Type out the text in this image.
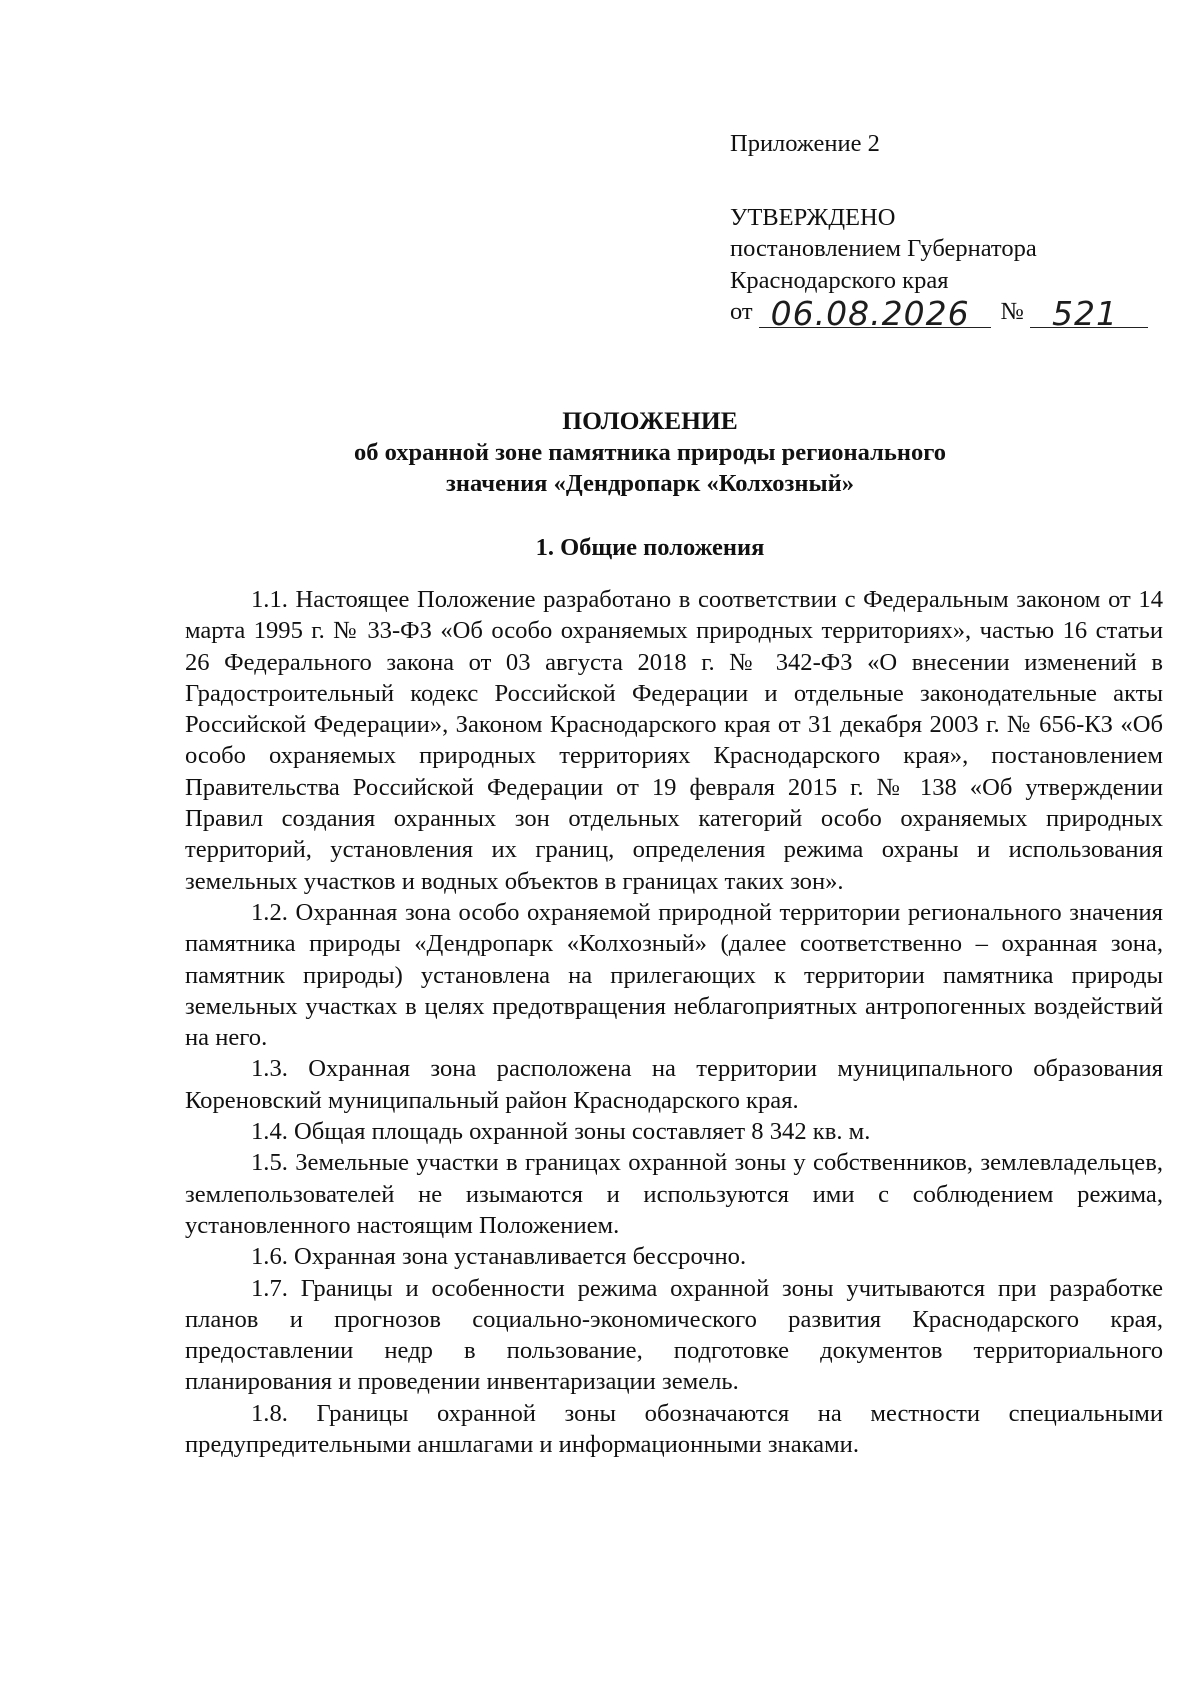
Приложение 2
УТВЕРЖДЕНО
постановлением Губернатора
Краснодарского края
от 06.08.2026 № 521
ПОЛОЖЕНИЕ
об охранной зоне памятника природы регионального
значения «Дендропарк «Колхозный»
1. Общие положения

1.1. Настоящее Положение разработано в соответствии с Федеральным законом от 14 марта 1995 г. № 33-ФЗ «Об особо охраняемых природных территориях», частью 16 статьи 26 Федерального закона от 03 августа 2018 г. № 342-ФЗ «О внесении изменений в Градостроительный кодекс Российской Федерации и отдельные законодательные акты Российской Федерации», Законом Краснодарского края от 31 декабря 2003 г. № 656-КЗ «Об особо охраняемых природных территориях Краснодарского края», постановлением Правительства Российской Федерации от 19 февраля 2015 г. № 138 «Об утверждении Правил создания охранных зон отдельных категорий особо охраняемых природных территорий, установления их границ, определения режима охраны и использования земельных участков и водных объектов в границах таких зон».

1.2. Охранная зона особо охраняемой природной территории регионального значения памятника природы «Дендропарк «Колхозный» (далее соответственно – охранная зона, памятник природы) установлена на прилегающих к территории памятника природы земельных участках в целях предотвращения неблагоприятных антропогенных воздействий на него.

1.3. Охранная зона расположена на территории муниципального образования Кореновский муниципальный район Краснодарского края.

1.4. Общая площадь охранной зоны составляет 8 342 кв. м.

1.5. Земельные участки в границах охранной зоны у собственников, землевладельцев, землепользователей не изымаются и используются ими с соблюдением режима, установленного настоящим Положением.

1.6. Охранная зона устанавливается бессрочно.

1.7. Границы и особенности режима охранной зоны учитываются при разработке планов и прогнозов социально-экономического развития Краснодарского края, предоставлении недр в пользование, подготовке документов территориального планирования и проведении инвентаризации земель.

1.8. Границы охранной зоны обозначаются на местности специальными предупредительными аншлагами и информационными знаками.
